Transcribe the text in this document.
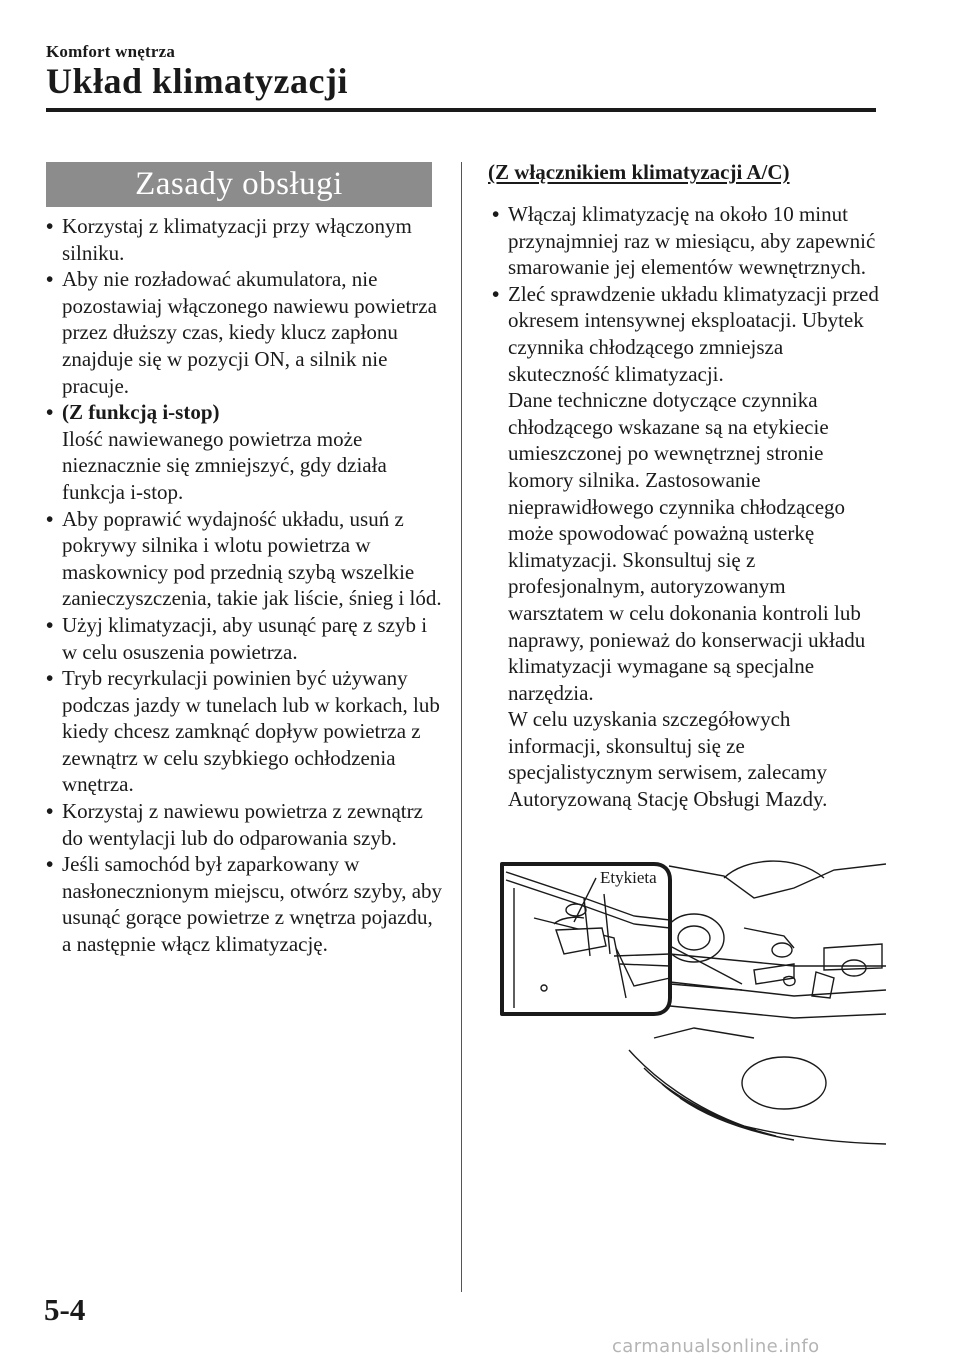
Komfort wnętrza
Układ klimatyzacji
Zasady obsługi
• Korzystaj z klimatyzacji przy włączonym silniku.
• Aby nie rozładować akumulatora, nie pozostawiaj włączonego nawiewu powietrza przez dłuższy czas, kiedy klucz zapłonu znajduje się w pozycji ON, a silnik nie pracuje.
• (Z funkcją i-stop)
Ilość nawiewanego powietrza może nieznacznie się zmniejszyć, gdy działa funkcja i-stop.
• Aby poprawić wydajność układu, usuń z pokrywy silnika i wlotu powietrza w maskownicy pod przednią szybą wszelkie zanieczyszczenia, takie jak liście, śnieg i lód.
• Użyj klimatyzacji, aby usunąć parę z szyb i w celu osuszenia powietrza.
• Tryb recyrkulacji powinien być używany podczas jazdy w tunelach lub w korkach, lub kiedy chcesz zamknąć dopływ powietrza z zewnątrz w celu szybkiego ochłodzenia wnętrza.
• Korzystaj z nawiewu powietrza z zewnątrz do wentylacji lub do odparowania szyb.
• Jeśli samochód był zaparkowany w nasłonecznionym miejscu, otwórz szyby, aby usunąć gorące powietrze z wnętrza pojazdu, a następnie włącz klimatyzację.
(Z włącznikiem klimatyzacji A/C)
• Włączaj klimatyzację na około 10 minut przynajmniej raz w miesiącu, aby zapewnić smarowanie jej elementów wewnętrznych.
• Zleć sprawdzenie układu klimatyzacji przed okresem intensywnej eksploatacji. Ubytek czynnika chłodzącego zmniejsza skuteczność klimatyzacji.
Dane techniczne dotyczące czynnika chłodzącego wskazane są na etykiecie umieszczonej po wewnętrznej stronie komory silnika. Zastosowanie nieprawidłowego czynnika chłodzącego może spowodować poważną usterkę klimatyzacji. Skonsultuj się z profesjonalnym, autoryzowanym warsztatem w celu dokonania kontroli lub naprawy, ponieważ do konserwacji układu klimatyzacji wymagane są specjalne narzędzia.
W celu uzyskania szczegółowych informacji, skonsultuj się ze specjalistycznym serwisem, zalecamy Autoryzowaną Stację Obsługi Mazdy.
Etykieta
5-4
carmanualsonline.info
